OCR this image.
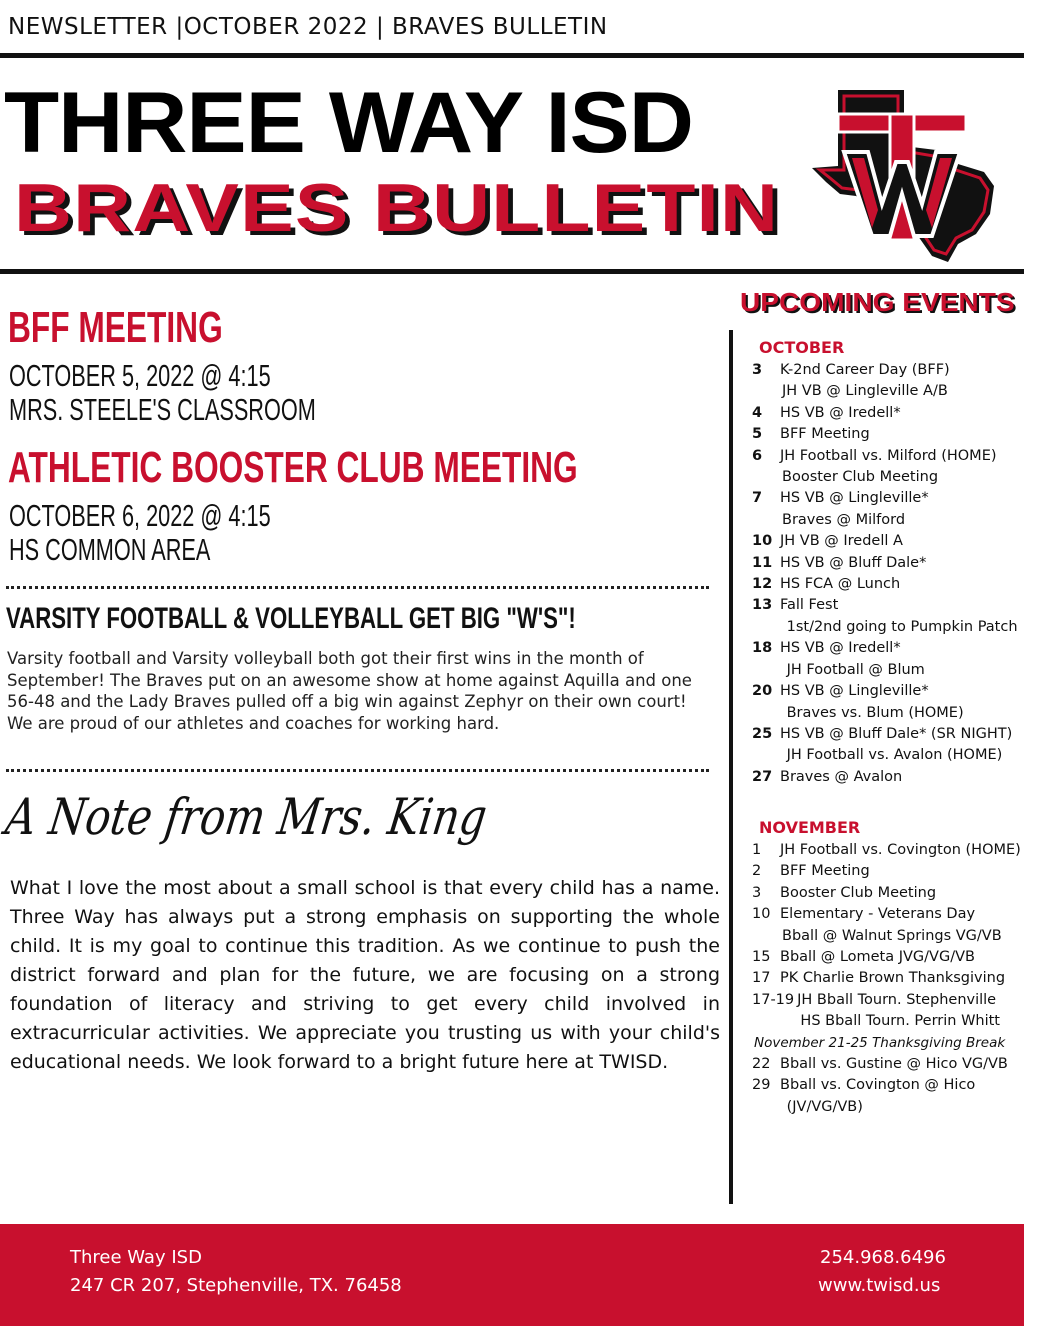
NEWSLETTER |OCTOBER 2022 | BRAVES BULLETIN
THREE WAY ISD
BRAVES BULLETIN
BFF MEETING
OCTOBER 5, 2022 @ 4:15
MRS. STEELE'S CLASSROOM
ATHLETIC BOOSTER CLUB MEETING
OCTOBER 6, 2022 @ 4:15
HS COMMON AREA
VARSITY FOOTBALL & VOLLEYBALL GET BIG "W'S"!
Varsity football and Varsity volleyball both got their first wins in the month of
September! The Braves put on an awesome show at home against Aquilla and one
56-48 and the Lady Braves pulled off a big win against Zephyr on their own court!
We are proud of our athletes and coaches for working hard.
A Note from Mrs. King
What I love the most about a small school is that every child has a name. Three Way has always put a strong emphasis on supporting the whole child. It is my goal to continue this tradition. As we continue to push the district forward and plan for the future, we are focusing on a strong foundation of literacy and striving to get every child involved in extracurricular activities. We appreciate you trusting us with your child's educational needs. We look forward to a bright future here at TWISD.
UPCOMING EVENTS
OCTOBER
3	K-2nd Career Day (BFF)
JH VB @ Lingleville A/B
4	HS VB @ Iredell*
5	BFF Meeting
6	JH Football vs. Milford (HOME)
Booster Club Meeting
7	HS VB @ Lingleville*
Braves @ Milford
10 JH VB @ Iredell A
11 HS VB @ Bluff Dale*
12 HS FCA @ Lunch
13 Fall Fest
1st/2nd going to Pumpkin Patch
18 HS VB @ Iredell*
JH Football @ Blum
20 HS VB @ Lingleville*
Braves vs. Blum (HOME)
25 HS VB @ Bluff Dale* (SR NIGHT)
JH Football vs. Avalon (HOME)
27 Braves @ Avalon
NOVEMBER
1	JH Football vs. Covington (HOME)
2	BFF Meeting
3	Booster Club Meeting
10 Elementary - Veterans Day
Bball @ Walnut Springs VG/VB
15 Bball @ Lometa JVG/VG/VB
17 PK Charlie Brown Thanksgiving
17-19 JH Bball Tourn. Stephenville
HS Bball Tourn. Perrin Whitt
November 21-25 Thanksgiving Break
22 Bball vs. Gustine @ Hico VG/VB
29 Bball vs. Covington @ Hico
(JV/VG/VB)
Three Way ISD
247 CR 207, Stephenville, TX. 76458
254.968.6496
www.twisd.us
